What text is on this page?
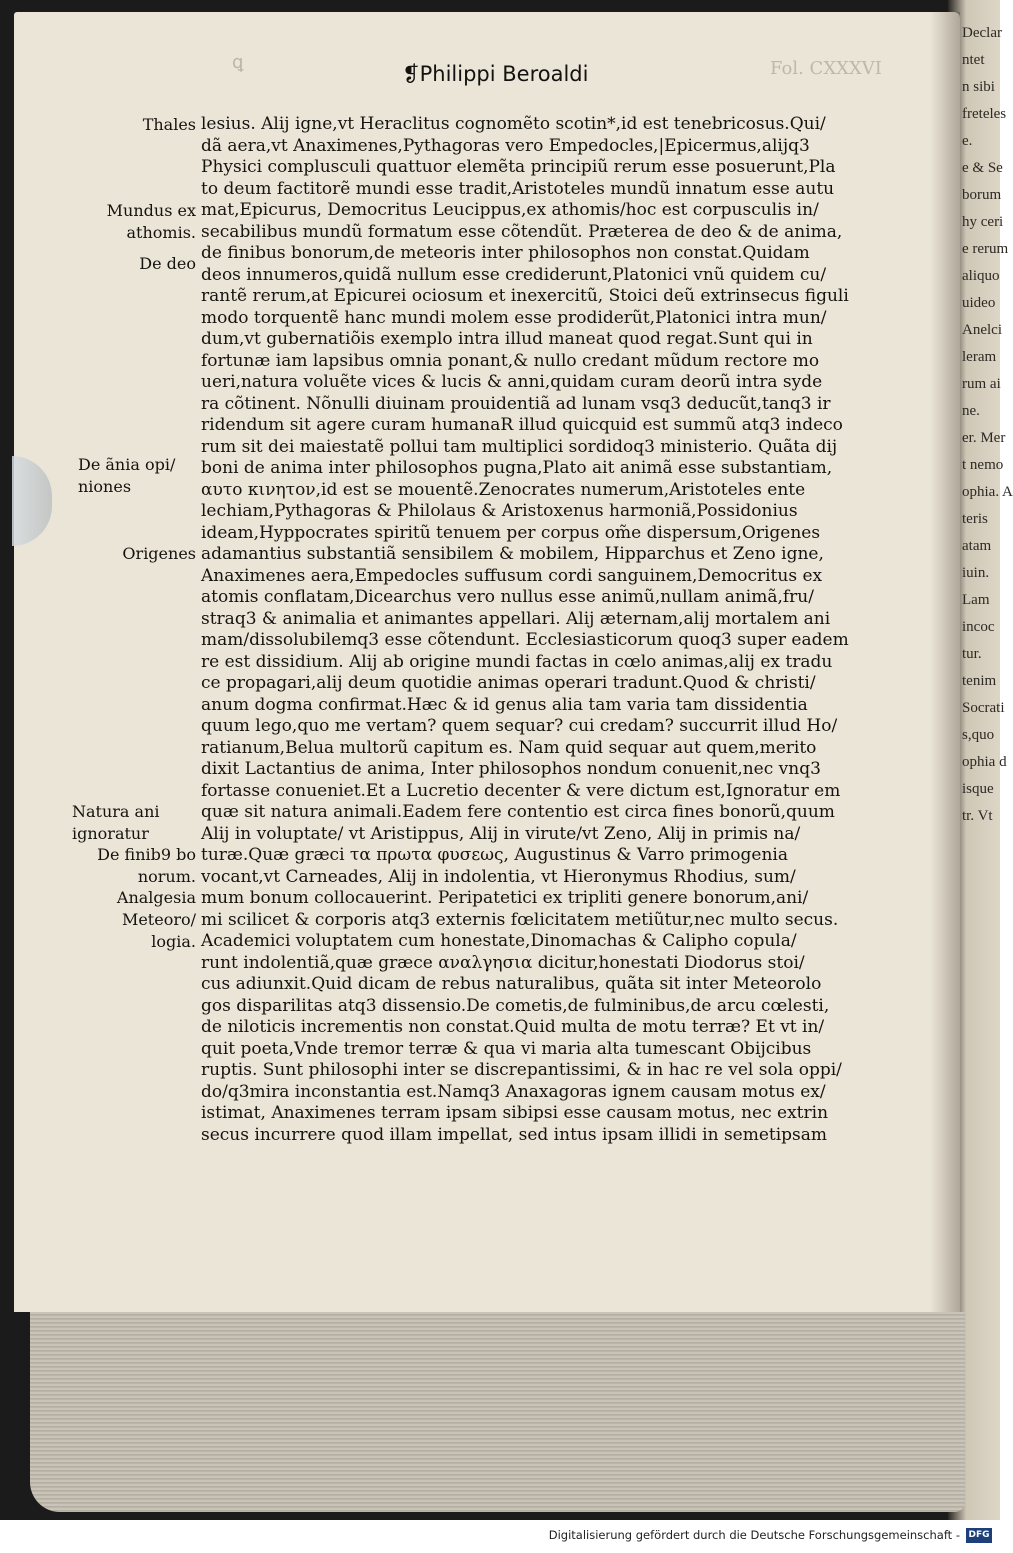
Declar
ntet
n sibi
freteles
e.
e & Se
borum
hy ceri
e rerum
aliquo
uideo
Anelci
leram
rum ai
ne.
er. Mer
t nemo
ophia. A
teris
atam
iuin.
Lam
incoc
tur.
tenim
Socrati
s,quo
ophia d
isque
tr. Vt
ꝗ	❡Philippi Beroaldi	Fol. CXXXVI
lesius. Alij igne,vt Heraclitus cognomẽto scotin*,id est tenebricosus.Qui/
dã aera,vt Anaximenes,Pythagoras vero Empedocles,|Epicermus,alijq3
Physici complusculi quattuor elemẽta principiũ rerum esse posuerunt,Pla
to deum factitorẽ mundi esse tradit,Aristoteles mundũ innatum esse autu
mat,Epicurus, Democritus Leucippus,ex athomis/hoc est corpusculis in/
secabilibus mundũ formatum esse cõtendũt. Præterea de deo & de anima,
de finibus bonorum,de meteoris inter philosophos non constat.Quidam
deos innumeros,quidã nullum esse crediderunt,Platonici vnũ quidem cu/
rantẽ rerum,at Epicurei ociosum et inexercitũ, Stoici deũ extrinsecus figuli
modo torquentẽ hanc mundi molem esse prodiderũt,Platonici intra mun/
dum,vt gubernatiõis exemplo intra illud maneat quod regat.Sunt qui in
fortunæ iam lapsibus omnia ponant,& nullo credant mũdum rectore mo
ueri,natura voluẽte vices & lucis & anni,quidam curam deorũ intra syde
ra cõtinent. Nõnulli diuinam prouidentiã ad lunam vsq3 deducũt,tanq3 ir
ridendum sit agere curam humanaR illud quicquid est summũ atq3 indeco
rum sit dei maiestatẽ pollui tam multiplici sordidoq3 ministerio. Quãta dij
boni de anima inter philosophos pugna,Plato ait animã esse substantiam,
αυτο κινητον,id est se mouentẽ.Zenocrates numerum,Aristoteles ente
lechiam,Pythagoras & Philolaus & Aristoxenus harmoniã,Possidonius
ideam,Hyppocrates spiritũ tenuem per corpus om̃e dispersum,Origenes
adamantius substantiã sensibilem & mobilem, Hipparchus et Zeno igne,
Anaximenes aera,Empedocles suffusum cordi sanguinem,Democritus ex
atomis conflatam,Dicearchus vero nullus esse animũ,nullam animã,fru/
straq3 & animalia et animantes appellari. Alij æternam,alij mortalem ani
mam/dissolubilemq3 esse cõtendunt. Ecclesiasticorum quoq3 super eadem
re est dissidium. Alij ab origine mundi factas in cœlo animas,alij ex tradu
ce propagari,alij deum quotidie animas operari tradunt.Quod & christi/
anum dogma confirmat.Hæc & id genus alia tam varia tam dissidentia
quum lego,quo me vertam? quem sequar? cui credam? succurrit illud Ho/
ratianum,Belua multorũ capitum es. Nam quid sequar aut quem,merito
dixit Lactantius de anima, Inter philosophos nondum conuenit,nec vnq3
fortasse conueniet.Et a Lucretio decenter & vere dictum est,Ignoratur em
quæ sit natura animali.Eadem fere contentio est circa fines bonorũ,quum
Alij in voluptate/ vt Aristippus, Alij in virute/vt Zeno, Alij in primis na/
turæ.Quæ græci τα πρωτα φυσεως, Augustinus & Varro primogenia
vocant,vt Carneades, Alij in indolentia, vt Hieronymus Rhodius, sum/
mum bonum collocauerint. Peripatetici ex tripliti genere bonorum,ani/
mi scilicet & corporis atq3 externis fœlicitatem metiũtur,nec multo secus.
Academici voluptatem cum honestate,Dinomachas & Calipho copula/
runt indolentiã,quæ græce αναλγησια dicitur,honestati Diodorus stoi/
cus adiunxit.Quid dicam de rebus naturalibus, quãta sit inter Meteorolo
gos disparilitas atq3 dissensio.De cometis,de fulminibus,de arcu cœlesti,
de niloticis incrementis non constat.Quid multa de motu terræ? Et vt in/
quit poeta,Vnde tremor terræ & qua vi maria alta tumescant Obijcibus
ruptis. Sunt philosophi inter se discrepantissimi, & in hac re vel sola oppi/
do/q3mira inconstantia est.Namq3 Anaxagoras ignem causam motus ex/
istimat, Anaximenes terram ipsam sibipsi esse causam motus, nec extrin
secus incurrere quod illam impellat, sed intus ipsam illidi in semetipsam
Thales
Mundus ex
athomis.
De deo
De ãnia opi/
niones
Origenes
Natura ani
ignoratur
De finib9 bo
norum.
Analgesia
Meteoro/
logia.
Digitalisierung gefördert durch die Deutsche Forschungsgemeinschaft - DFG
